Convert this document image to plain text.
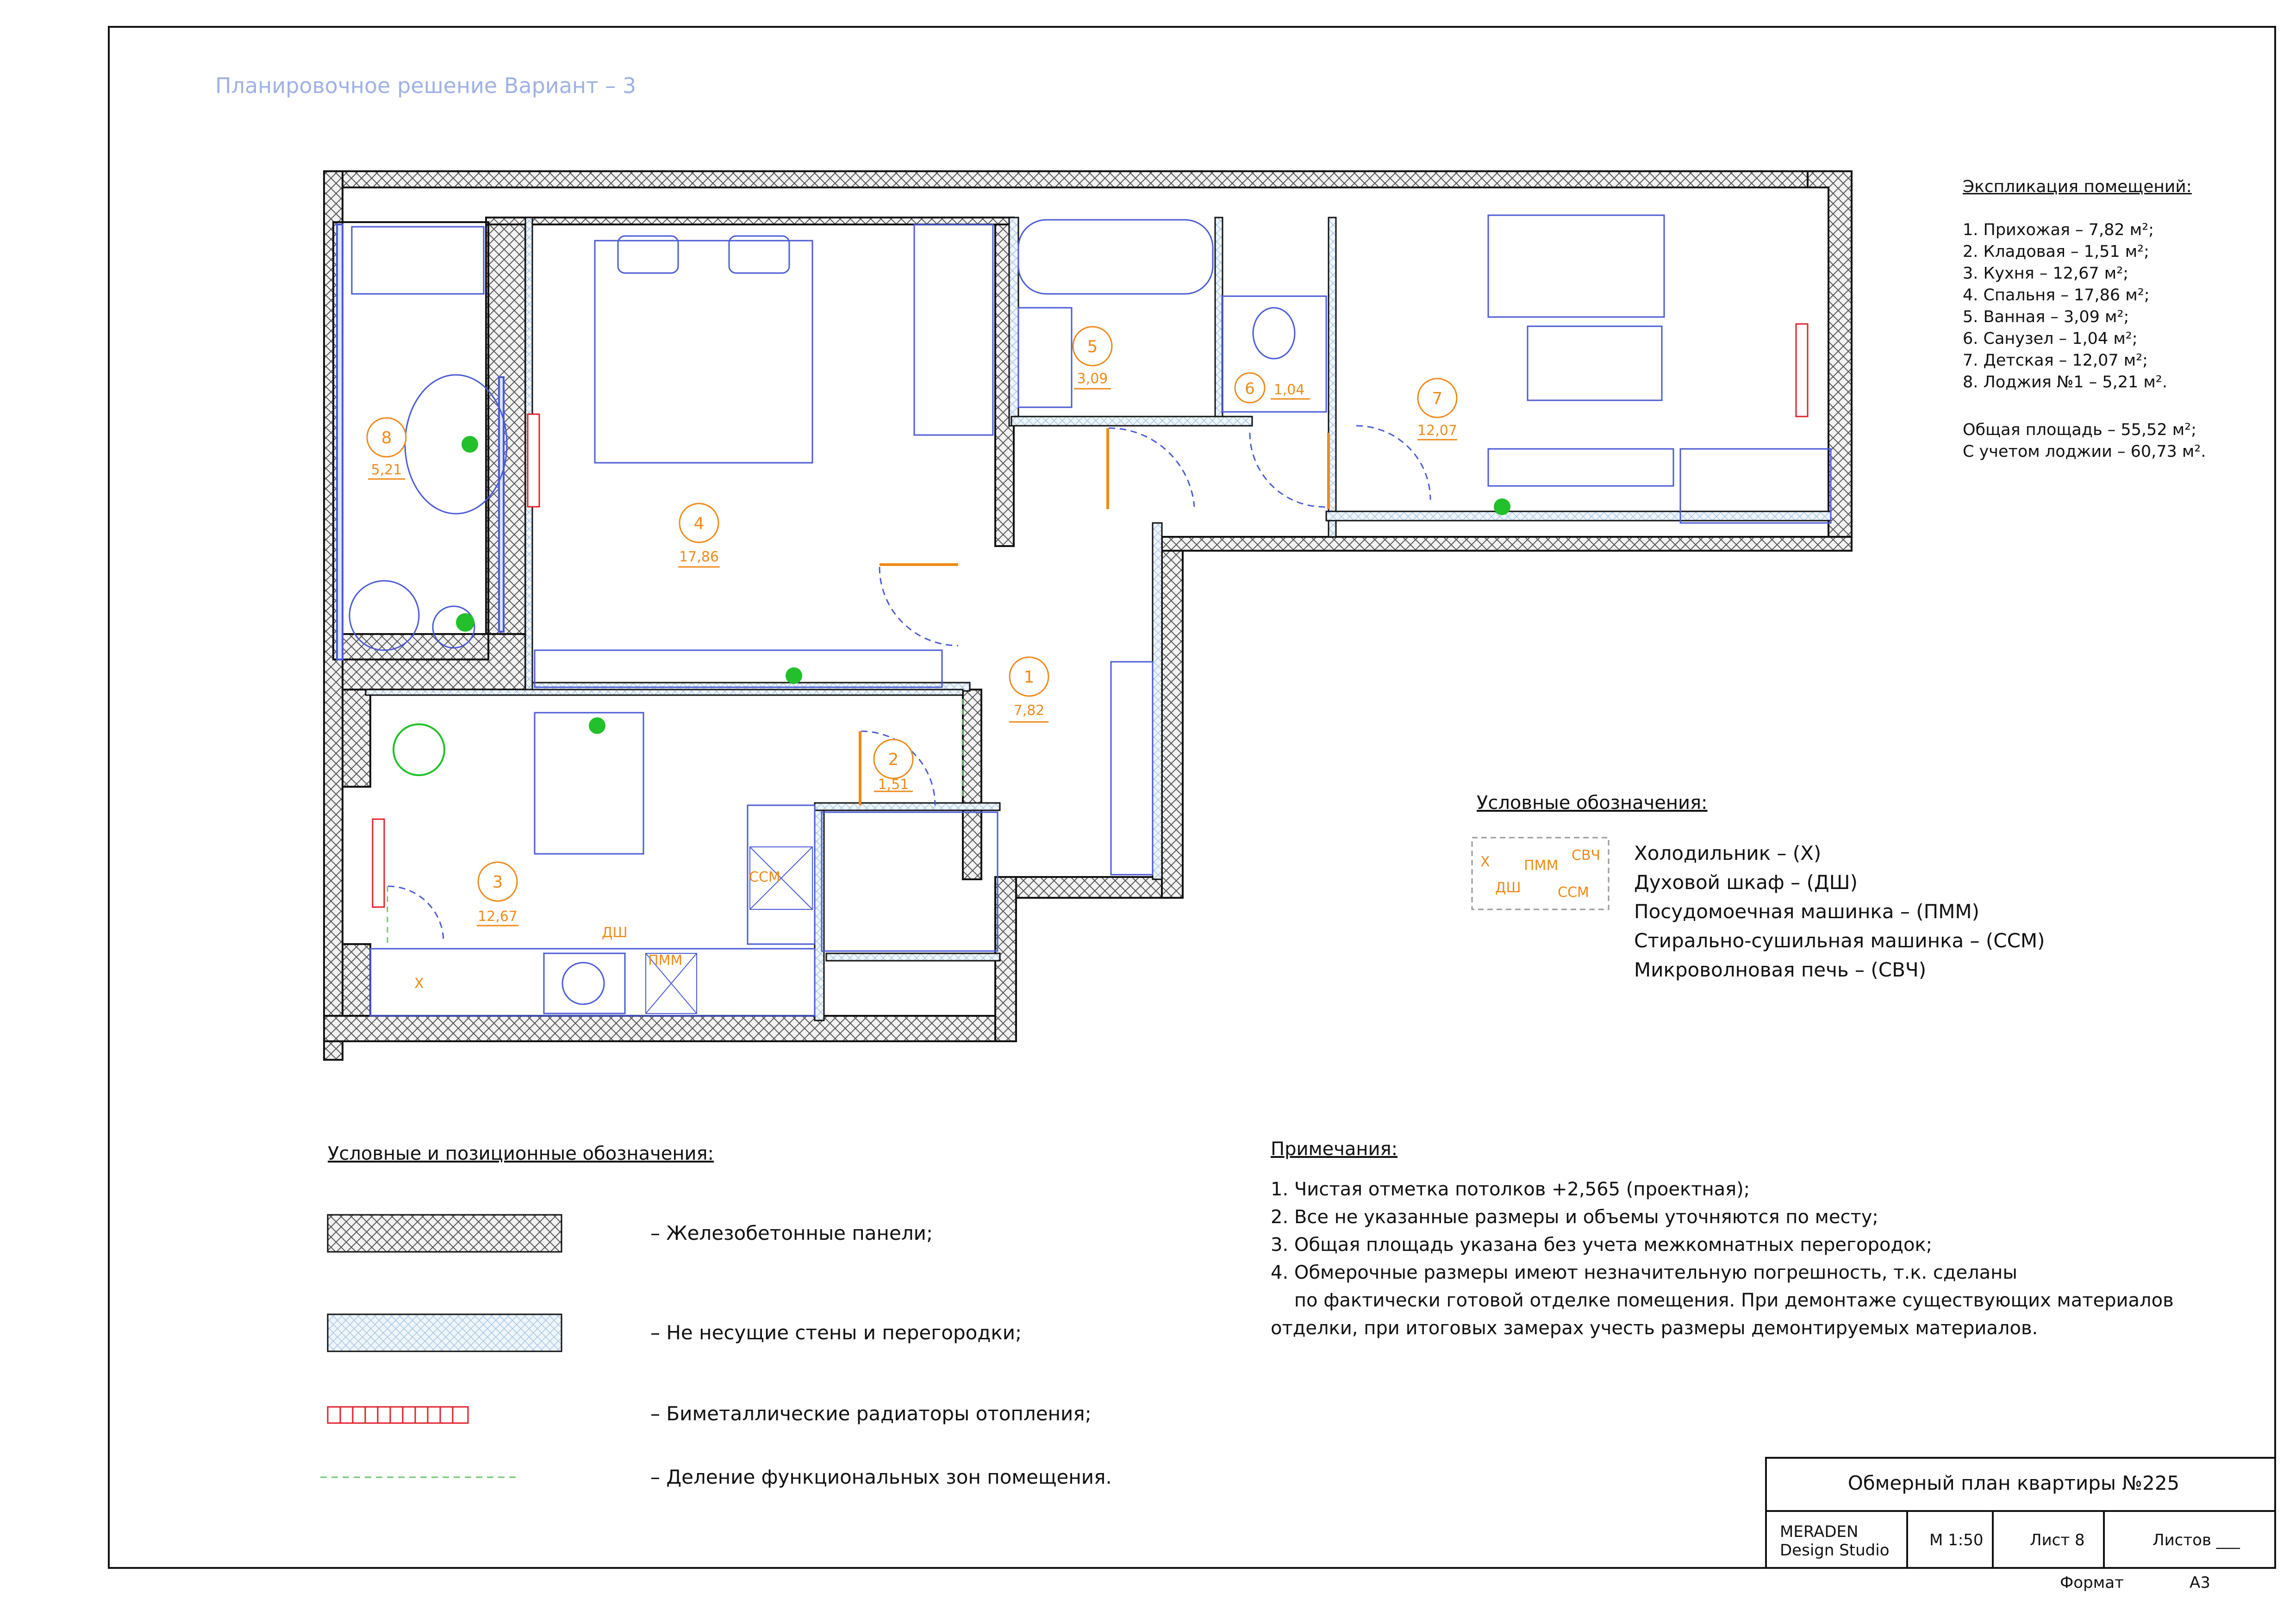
1
7,82
2
1,51
3
12,67
4
17,86
5
3,09
6 1,04	7
12,07
8
5,21
Х
ДШ
ПММ
ССМ
Х
ДШ
ПММ
СВЧ
ССМ
Планировочное решение Вариант – 3
Экспликация помещений:
1. Прихожая – 7,82 м²;
2. Кладовая – 1,51 м²;
3. Кухня – 12,67 м²;
4. Спальня – 17,86 м²;
5. Ванная – 3,09 м²;
6. Санузел – 1,04 м²;
7. Детская – 12,07 м²;
8. Лоджия №1 – 5,21 м².
Общая площадь – 55,52 м²;
С учетом лоджии – 60,73 м².
Условные обозначения:
Холодильник – (Х)
Духовой шкаф – (ДШ)
Посудомоечная машинка – (ПММ)
Стирально-сушильная машинка – (ССМ)
Микроволновая печь – (СВЧ)
Условные и позиционные обозначения:
– Железобетонные панели;
– Не несущие стены и перегородки;
– Биметаллические радиаторы отопления;
– Деление функциональных зон помещения.
Примечания:
1. Чистая отметка потолков +2,565 (проектная);
2. Все не указанные размеры и объемы уточняются по месту;
3. Общая площадь указана без учета межкомнатных перегородок;
4. Обмерочные размеры имеют незначительную погрешность, т.к. сделаны
по фактически готовой отделке помещения. При демонтаже существующих материалов
отделки, при итоговых замерах учесть размеры демонтируемых материалов.
Обмерный план квартиры №225
MERADEN
Design Studio
М 1:50	Лист 8	Листов ___
Формат	А3
